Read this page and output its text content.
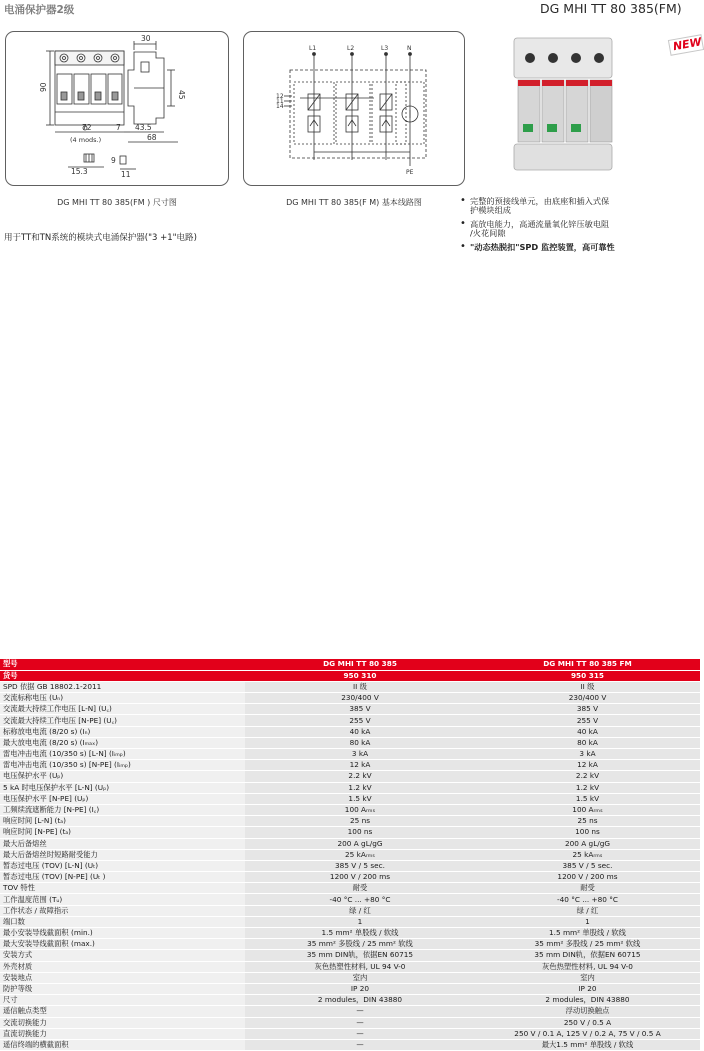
电涌保护器2级	DG MHI TT 80 385(FM)
30
90
45
72	7 43.5
68
(4 mods.)
15.3
9
11
DG MHI TT 80 385(FM ) 尺寸图
L1	L2	L3	N
PE
12
11
14
DG MHI TT 80 385(F M) 基本线路图
NEW
• 完整的预接线单元，由底座和插入式保
护模块组成
• 高放电能力，高通流量氧化锌压敏电阻
/火花间隙
• "动态热脱扣"SPD 监控装置，高可靠性
用于TT和TN系统的模块式电涌保护器("3 +1"电路)
型号	DG MHI TT 80 385	DG MHI TT 80 385 FM
货号	950 310	950 315
SPD 依据 GB 18802.1-2011	II 级	II 级
交流标称电压 (Uₙ)	230/400 V	230/400 V
交流最大持续工作电压 [L-N] (U꜀)	385 V	385 V
交流最大持续工作电压 [N-PE] (U꜀)	255 V	255 V
标称放电电流 (8/20 s) (Iₙ)	40 kA	40 kA
最大放电电流 (8/20 s) (Iₘₐₓ)	80 kA	80 kA
雷电冲击电流 (10/350 s) [L-N] (Iᵢₘₚ)	3 kA	3 kA
雷电冲击电流 (10/350 s) [N-PE] (Iᵢₘₚ)	12 kA	12 kA
电压保护水平 (Uₚ)	2.2 kV	2.2 kV
5 kA 时电压保护水平 [L-N] (Uₚ)	1.2 kV	1.2 kV
电压保护水平 [N-PE] (Uₚ)	1.5 kV	1.5 kV
工频续流遮断能力 [N-PE] (I꜀)	100 Aᵣₘₛ	100 Aᵣₘₛ
响应时间 [L-N] (tₐ)	25 ns	25 ns
响应时间 [N-PE] (tₐ)	100 ns	100 ns
最大后备熔丝	200 A gL/gG	200 A gL/gG
最大后备熔丝时短路耐受能力	25 kAᵣₘₛ	25 kAᵣₘₛ
暂态过电压 (TOV) [L-N] (Uₜ)	385 V / 5 sec.	385 V / 5 sec.
暂态过电压 (TOV) [N-PE] (Uₜ )	1200 V / 200 ms	1200 V / 200 ms
TOV 特性	耐受	耐受
工作温度范围 (Tᵤ)	-40 °C ... +80 °C	-40 °C ... +80 °C
工作状态 / 故障指示	绿 / 红	绿 / 红
端口数	1	1
最小安装导线截面积 (min.)	1.5 mm² 单股线 / 软线	1.5 mm² 单股线 / 软线
最大安装导线截面积 (max.)	35 mm² 多股线 / 25 mm² 软线	35 mm² 多股线 / 25 mm² 软线
安装方式	35 mm DIN轨，依据EN 60715	35 mm DIN轨，依据EN 60715
外壳材质	灰色热塑性材料, UL 94 V-0	灰色热塑性材料, UL 94 V-0
安装地点	室内	室内
防护等级	IP 20	IP 20
尺寸	2 modules，DIN 43880	2 modules，DIN 43880
遥信触点类型	—	浮动切换触点
交流切换能力	—	250 V / 0.5 A
直流切换能力	—	250 V / 0.1 A, 125 V / 0.2 A, 75 V / 0.5 A
遥信终端的横截面积	—	最大1.5 mm² 单股线 / 软线
